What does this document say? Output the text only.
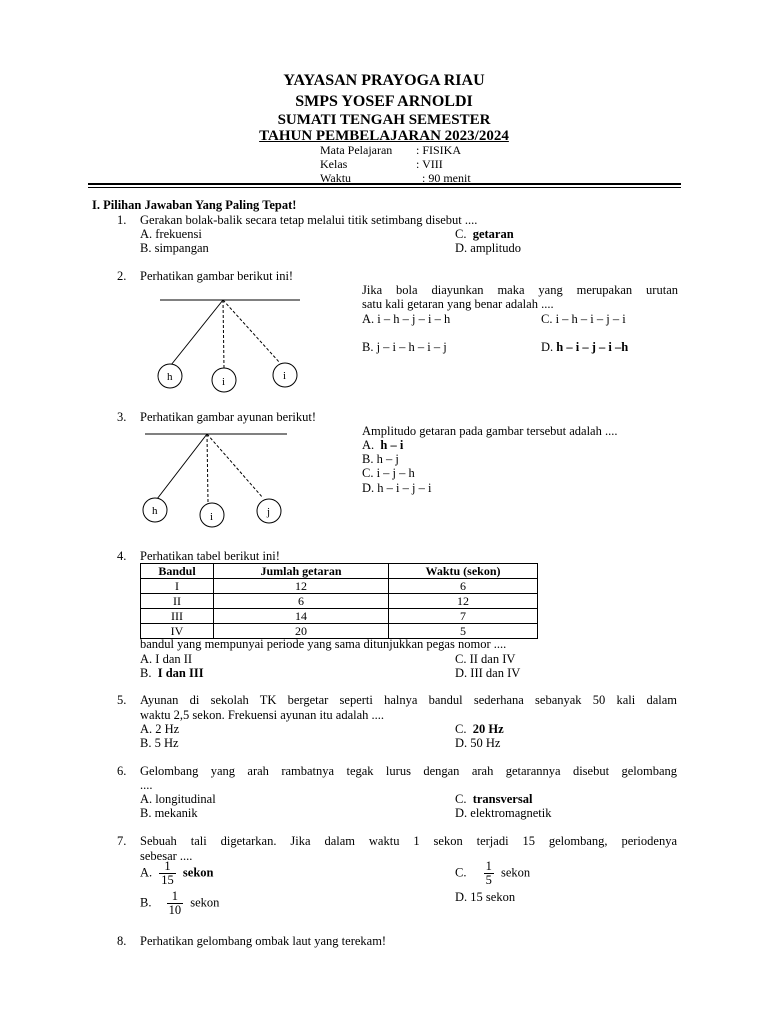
YAYASAN PRAYOGA RIAU
SMPS YOSEF ARNOLDI
SUMATI TENGAH SEMESTER
TAHUN PEMBELAJARAN 2023/2024
Mata Pelajaran : FISIKA
Kelas	: VIII
Waktu	: 90 menit
I. Pilihan Jawaban Yang Paling Tepat!
1. Gerakan bolak-balik secara tetap melalui titik setimbang disebut ....
A. frekuensi	C.  getaran
B. simpangan	D. amplitudo
2. Perhatikan gambar berikut ini!
Jika bola diayunkan maka yang merupakan urutan
satu kali getaran yang benar adalah ....
A. i – h – j – i – h	C. i – h – i – j – i
B. j – i – h – i – j	D. h – i – j – i –h
h	i	i
3. Perhatikan gambar ayunan berikut!
Amplitudo getaran pada gambar tersebut adalah ....
A.  h – i
B. h – j
C. i – j – h
D. h – i – j – i
h	i	j
4. Perhatikan tabel berikut ini!
Bandul	Jumlah getaran	Waktu (sekon)
I	12	6
II	6	12
III	14	7
IV	20	5
bandul yang mempunyai periode yang sama ditunjukkan pegas nomor ....
A. I dan II	C. II dan IV
B.  I dan III	D. III dan IV
5. Ayunan di sekolah TK bergetar seperti halnya bandul sederhana sebanyak 50 kali dalam
waktu 2,5 sekon. Frekuensi ayunan itu adalah ....
A. 2 Hz	C.  20 Hz
B. 5 Hz	D. 50 Hz
6. Gelombang yang arah rambatnya tegak lurus dengan arah getarannya disebut gelombang
....
A. longitudinal	C.  transversal
B. mekanik	D. elektromagnetik
7. Sebuah tali digetarkan. Jika dalam waktu 1 sekon terjadi 15 gelombang, periodenya
sebesar ....
A. $\frac{1}{15}$ sekon	C. $\frac{1}{5}$ sekon
B. $\frac{1}{10}$ sekon	D. 15 sekon
8. Perhatikan gelombang ombak laut yang terekam!
